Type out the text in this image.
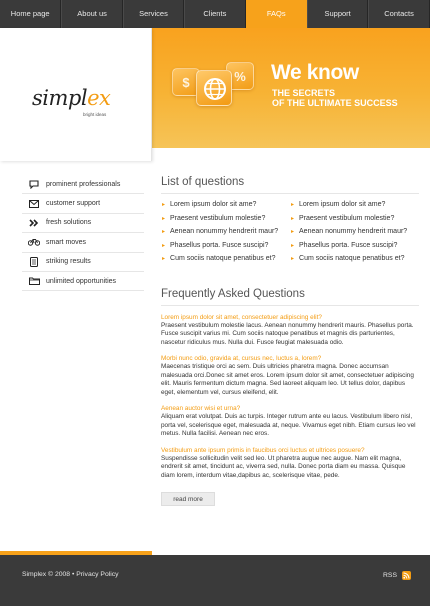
Home page	About us	Services	Clients	FAQs	Support	Contacts
simplex
bright ideas
$	%	We know
THE SECRETS
OF THE ULTIMATE SUCCESS
prominent professionals
customer support
fresh solutions
smart moves
striking results
unlimited opportunities
List of questions
▸ Lorem ipsum dolor sit ame?
▸ Praesent vestibulum molestie?
▸ Aenean nonummy hendrerit maur?
▸ Phasellus porta. Fusce suscipi?
▸ Cum sociis natoque penatibus et?
▸ Lorem ipsum dolor sit ame?
▸ Praesent vestibulum molestie?
▸ Aenean nonummy hendrerit maur?
▸ Phasellus porta. Fusce suscipi?
▸ Cum sociis natoque penatibus et?
Frequently Asked Questions
Lorem ipsum dolor sit amet, consectetuer adipiscing elit?
Praesent vestibulum molestie lacus. Aenean nonummy hendrerit mauris. Phasellus porta. Fusce suscipit varius mi. Cum sociis natoque penatibus et magnis dis parturientes, nascetur ridiculus mus. Nulla dui. Fusce feugiat malesuada odio.
Morbi nunc odio, gravida at, cursus nec, luctus a, lorem?
Maecenas tristique orci ac sem. Duis ultricies pharetra magna. Donec accumsan malesuada orci.Donec sit amet eros. Lorem ipsum dolor sit amet, consectetuer adipiscing elit. Mauris fermentum dictum magna. Sed laoreet aliquam leo. Ut tellus dolor, dapibus eget, elementum vel, cursus eleifend, elit.
Aenean auctor wisi et urna?
Aliquam erat volutpat. Duis ac turpis. Integer rutrum ante eu lacus. Vestibulum libero nisl, porta vel, scelerisque eget, malesuada at, neque. Vivamus eget nibh. Etiam cursus leo vel metus. Nulla facilisi. Aenean nec eros.
Vestibulum ante ipsum primis in faucibus orci luctus et ultrices posuere?
Suspendisse sollicitudin velit sed leo. Ut pharetra augue nec augue. Nam elit magna, endrerit sit amet, tincidunt ac, viverra sed, nulla. Donec porta diam eu massa. Quisque diam lorem, interdum vitae,dapibus ac, scelerisque vitae, pede.
read more
Simplex © 2008 • Privacy Policy	RSS
